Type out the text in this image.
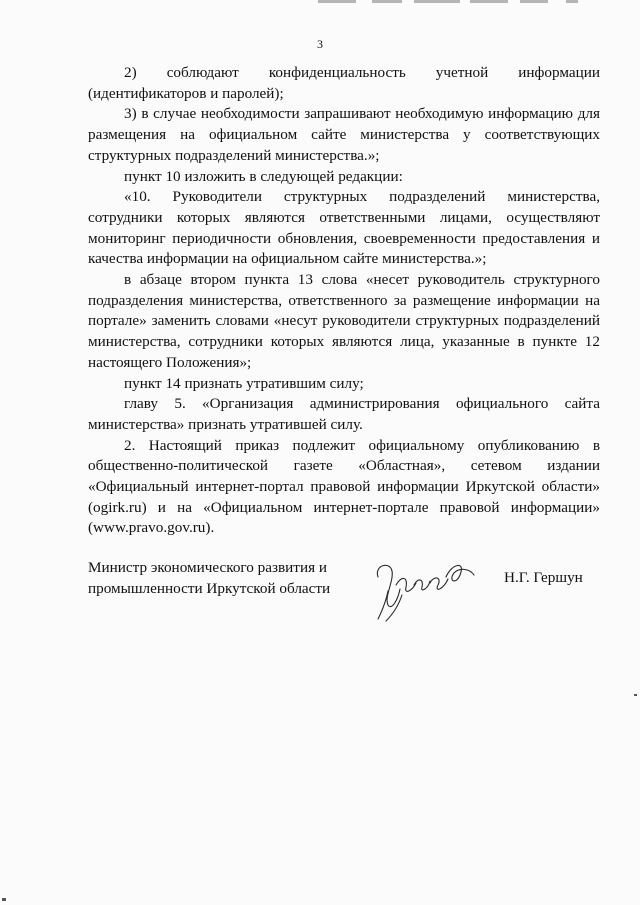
3

2) соблюдают конфиденциальность учетной информации (идентификаторов и паролей);

3) в случае необходимости запрашивают необходимую информацию для размещения на официальном сайте министерства у соответствующих структурных подразделений министерства.»;

пункт 10 изложить в следующей редакции:

«10. Руководители структурных подразделений министерства, сотрудники которых являются ответственными лицами, осуществляют мониторинг периодичности обновления, своевременности предоставления и качества информации на официальном сайте министерства.»;

в абзаце втором пункта 13 слова «несет руководитель структурного подразделения министерства, ответственного за размещение информации на портале» заменить словами «несут руководители структурных подразделений министерства, сотрудники которых являются лица, указанные в пункте 12 настоящего Положения»;

пункт 14 признать утратившим силу;

главу 5. «Организация администрирования официального сайта министерства» признать утратившей силу.

2. Настоящий приказ подлежит официальному опубликованию в общественно-политической газете «Областная», сетевом издании «Официальный интернет-портал правовой информации Иркутской области» (ogirk.ru) и на «Официальном интернет-портале правовой информации» (www.pravo.gov.ru).

Министр экономического развития и
промышленности Иркутской области
Н.Г. Гершун
